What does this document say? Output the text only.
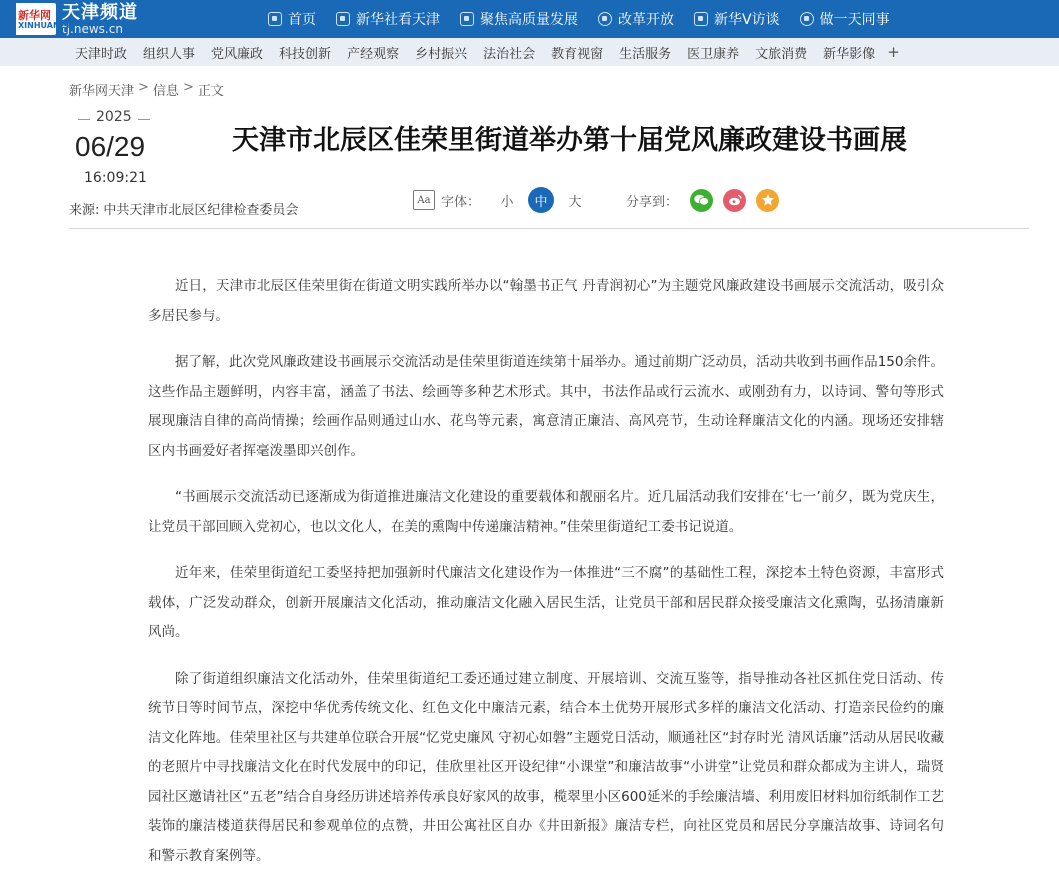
新华网
XINHUANET
天津频道
tj.news.cn
首页	新华社看天津	聚焦高质量发展	改革开放	新华V访谈	做一天同事
天津时政 组织人事 党风廉政 科技创新 产经观察 乡村振兴 法治社会 教育视窗 生活服务 医卫康养 文旅消费 新华影像 +
新华网天津 > 信息 > 正文
2025
06/29
16:09:21
来源: 中共天津市北辰区纪律检查委员会
天津市北辰区佳荣里街道举办第十届党风廉政建设书画展
Aa 字体：	小	中	大	分享到：

近日，天津市北辰区佳荣里街在街道文明实践所举办以“翰墨书正气 丹青润初心”为主题党风廉政建设书画展示交流活动，吸引众多居民参与。

据了解，此次党风廉政建设书画展示交流活动是佳荣里街道连续第十届举办。通过前期广泛动员，活动共收到书画作品150余件。这些作品主题鲜明，内容丰富，涵盖了书法、绘画等多种艺术形式。其中，书法作品或行云流水、或刚劲有力，以诗词、警句等形式展现廉洁自律的高尚情操；绘画作品则通过山水、花鸟等元素，寓意清正廉洁、高风亮节，生动诠释廉洁文化的内涵。现场还安排辖区内书画爱好者挥毫泼墨即兴创作。

“书画展示交流活动已逐渐成为街道推进廉洁文化建设的重要载体和靓丽名片。近几届活动我们安排在‘七一’前夕，既为党庆生，让党员干部回顾入党初心，也以文化人，在美的熏陶中传递廉洁精神。”佳荣里街道纪工委书记说道。

近年来，佳荣里街道纪工委坚持把加强新时代廉洁文化建设作为一体推进“三不腐”的基础性工程，深挖本土特色资源，丰富形式载体，广泛发动群众，创新开展廉洁文化活动，推动廉洁文化融入居民生活，让党员干部和居民群众接受廉洁文化熏陶，弘扬清廉新风尚。

除了街道组织廉洁文化活动外，佳荣里街道纪工委还通过建立制度、开展培训、交流互鉴等，指导推动各社区抓住党日活动、传统节日等时间节点，深挖中华优秀传统文化、红色文化中廉洁元素，结合本土优势开展形式多样的廉洁文化活动、打造亲民俭约的廉洁文化阵地。佳荣里社区与共建单位联合开展“忆党史廉风 守初心如磐”主题党日活动，顺通社区“封存时光 清风话廉”活动从居民收藏的老照片中寻找廉洁文化在时代发展中的印记，佳欣里社区开设纪律“小课堂”和廉洁故事“小讲堂”让党员和群众都成为主讲人，瑞贤园社区邀请社区“五老”结合自身经历讲述培养传承良好家风的故事，榄翠里小区600延米的手绘廉洁墙、利用废旧材料加衍纸制作工艺装饰的廉洁楼道获得居民和参观单位的点赞，井田公寓社区自办《井田新报》廉洁专栏，向社区党员和居民分享廉洁故事、诗词名句和警示教育案例等。
